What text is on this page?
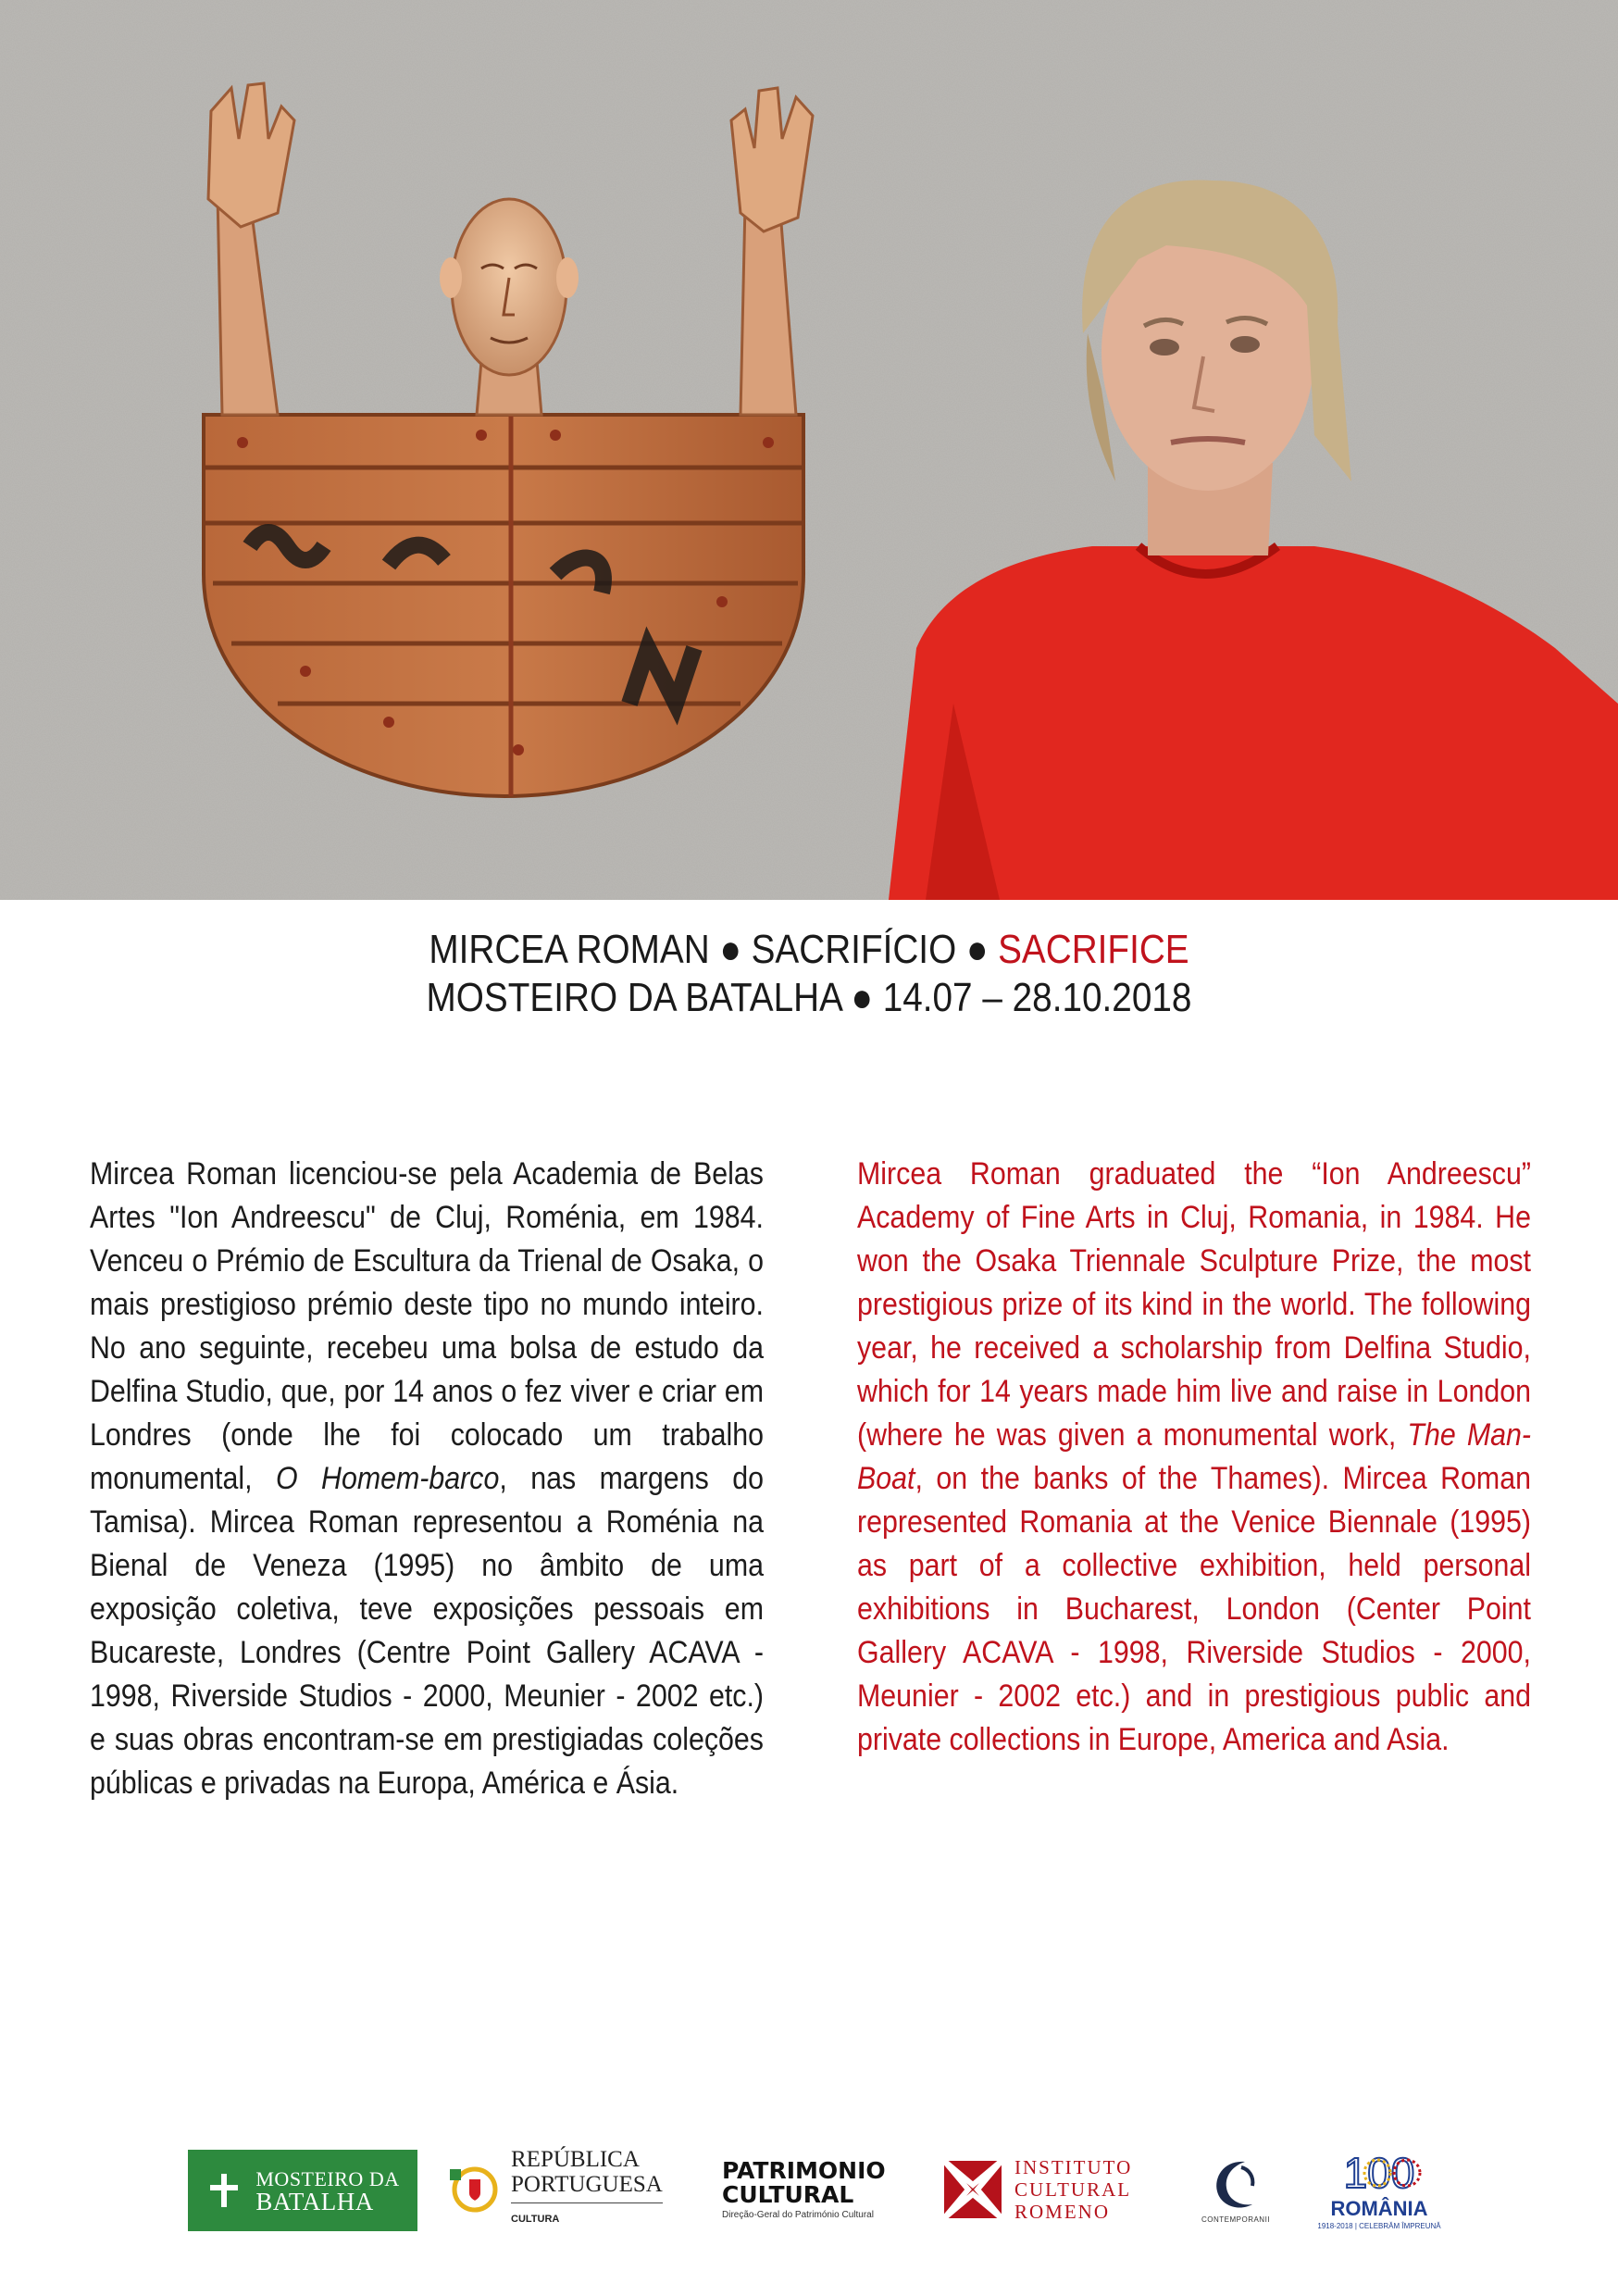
MIRCEA ROMAN ● SACRIFÍCIO ● SACRIFICE
MOSTEIRO DA BATALHA ● 14.07 – 28.10.2018

Mircea Roman licenciou-se pela Academia de Belas Artes "Ion Andreescu" de Cluj, Roménia, em 1984. Venceu o Prémio de Escultura da Trienal de Osaka, o mais prestigioso prémio deste tipo no mundo inteiro. No ano seguinte, recebeu uma bolsa de estudo da Delfina Studio, que, por 14 anos o fez viver e criar em Londres (onde lhe foi colocado um trabalho monumental, O Homem-barco, nas margens do Tamisa). Mircea Roman representou a Roménia na Bienal de Veneza (1995) no âmbito de uma exposição coletiva, teve exposições pessoais em Bucareste, Londres (Centre Point Gallery ACAVA - 1998, Riverside Studios - 2000, Meunier - 2002 etc.) e suas obras encontram-se em prestigiadas coleções públicas e privadas na Europa, América e Ásia.

Mircea Roman graduated the “Ion Andreescu” Academy of Fine Arts in Cluj, Romania, in 1984. He won the Osaka Triennale Sculpture Prize, the most prestigious prize of its kind in the world. The following year, he received a scholarship from Delfina Studio, which for 14 years made him live and raise in London (where he was given a monumental work, The Man-Boat, on the banks of the Thames). Mircea Roman represented Romania at the Venice Biennale (1995) as part of a collective exhibition, held personal exhibitions in Bucharest, London (Center Point Gallery ACAVA - 1998, Riverside Studios - 2000, Meunier - 2002 etc.) and in prestigious public and private collections in Europe, America and Asia.

MOSTEIRO DA
BATALHA
REPÚBLICA
PORTUGUESA
CULTURA
PATRIMONIO
CULTURAL
Direção-Geral do Património Cultural
INSTITUTO
CULTURAL
ROMENO	CONTEMPORANII
100
ROMÂNIA
1918-2018 | CELEBRĂM ÎMPREUNĂ
